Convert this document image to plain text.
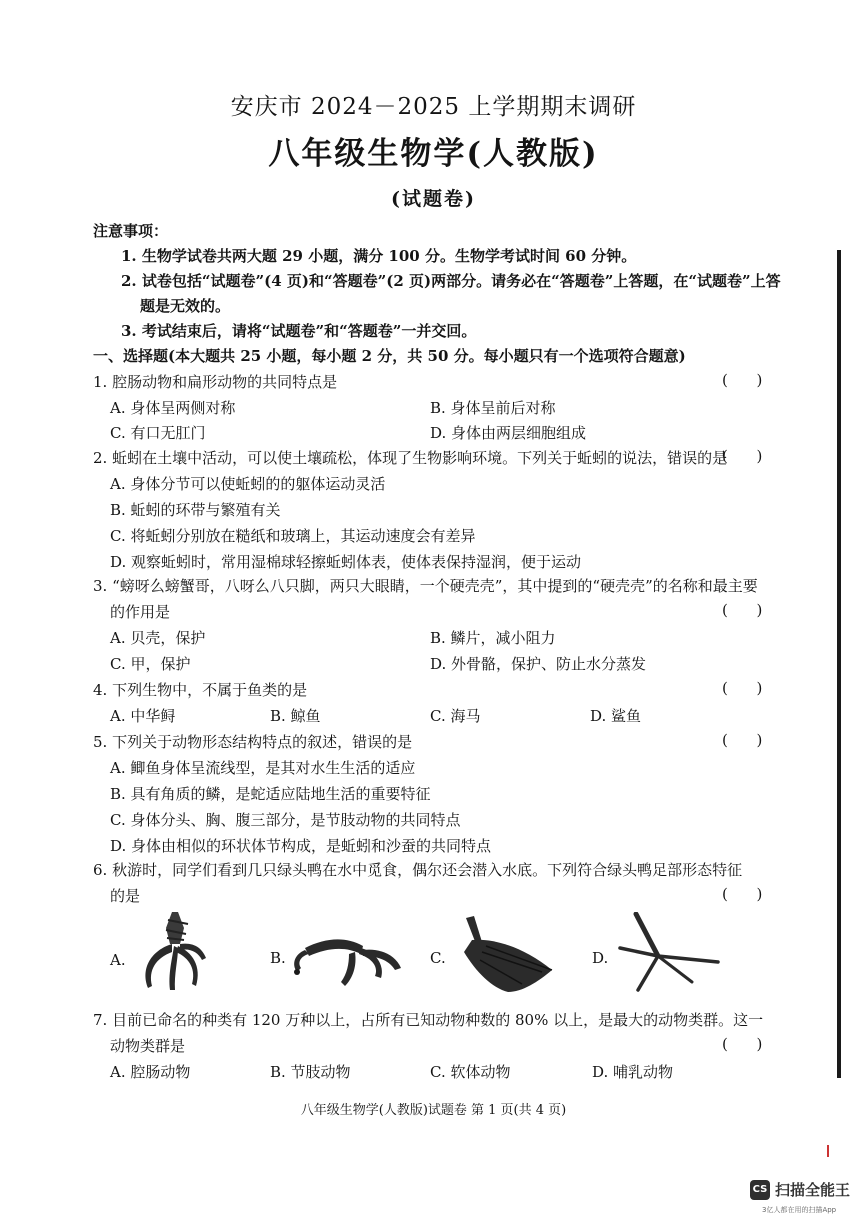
安庆市 2024－2025 上学期期末调研
八年级生物学(人教版)
(试题卷)
注意事项：
1. 生物学试卷共两大题 29 小题，满分 100 分。生物学考试时间 60 分钟。
2. 试卷包括“试题卷”(4 页)和“答题卷”(2 页)两部分。请务必在“答题卷”上答题，在“试题卷”上答
题是无效的。
3. 考试结束后，请将“试题卷”和“答题卷”一并交回。
一、选择题(本大题共 25 小题，每小题 2 分，共 50 分。每小题只有一个选项符合题意)
1. 腔肠动物和扁形动物的共同特点是	(      )
A. 身体呈两侧对称	B. 身体呈前后对称
C. 有口无肛门	D. 身体由两层细胞组成
2. 蚯蚓在土壤中活动，可以使土壤疏松，体现了生物影响环境。下列关于蚯蚓的说法，错误的是
(      )
A. 身体分节可以使蚯蚓的的躯体运动灵活
B. 蚯蚓的环带与繁殖有关
C. 将蚯蚓分别放在糙纸和玻璃上，其运动速度会有差异
D. 观察蚯蚓时，常用湿棉球轻擦蚯蚓体表，使体表保持湿润，便于运动
3. “螃呀么螃蟹哥，八呀么八只脚，两只大眼睛，一个硬壳壳”，其中提到的“硬壳壳”的名称和最主要
的作用是	(      )
A. 贝壳，保护	B. 鳞片，减小阻力
C. 甲，保护	D. 外骨骼，保护、防止水分蒸发
4. 下列生物中，不属于鱼类的是	(      )
A. 中华鲟	B. 鲸鱼	C. 海马	D. 鲨鱼
5. 下列关于动物形态结构特点的叙述，错误的是	(      )
A. 鲫鱼身体呈流线型，是其对水生生活的适应
B. 具有角质的鳞，是蛇适应陆地生活的重要特征
C. 身体分头、胸、腹三部分，是节肢动物的共同特点
D. 身体由相似的环状体节构成，是蚯蚓和沙蚕的共同特点
6. 秋游时，同学们看到几只绿头鸭在水中觅食，偶尔还会潜入水底。下列符合绿头鸭足部形态特征
的是	(      )
A.	B.	C.	D.
7. 目前已命名的种类有 120 万种以上，占所有已知动物种数的 80% 以上，是最大的动物类群。这一
动物类群是	(      )
A. 腔肠动物	B. 节肢动物	C. 软体动物	D. 哺乳动物
八年级生物学(人教版)试题卷 第 1 页(共 4 页)
CS 扫描全能王
3亿人都在用的扫描App
